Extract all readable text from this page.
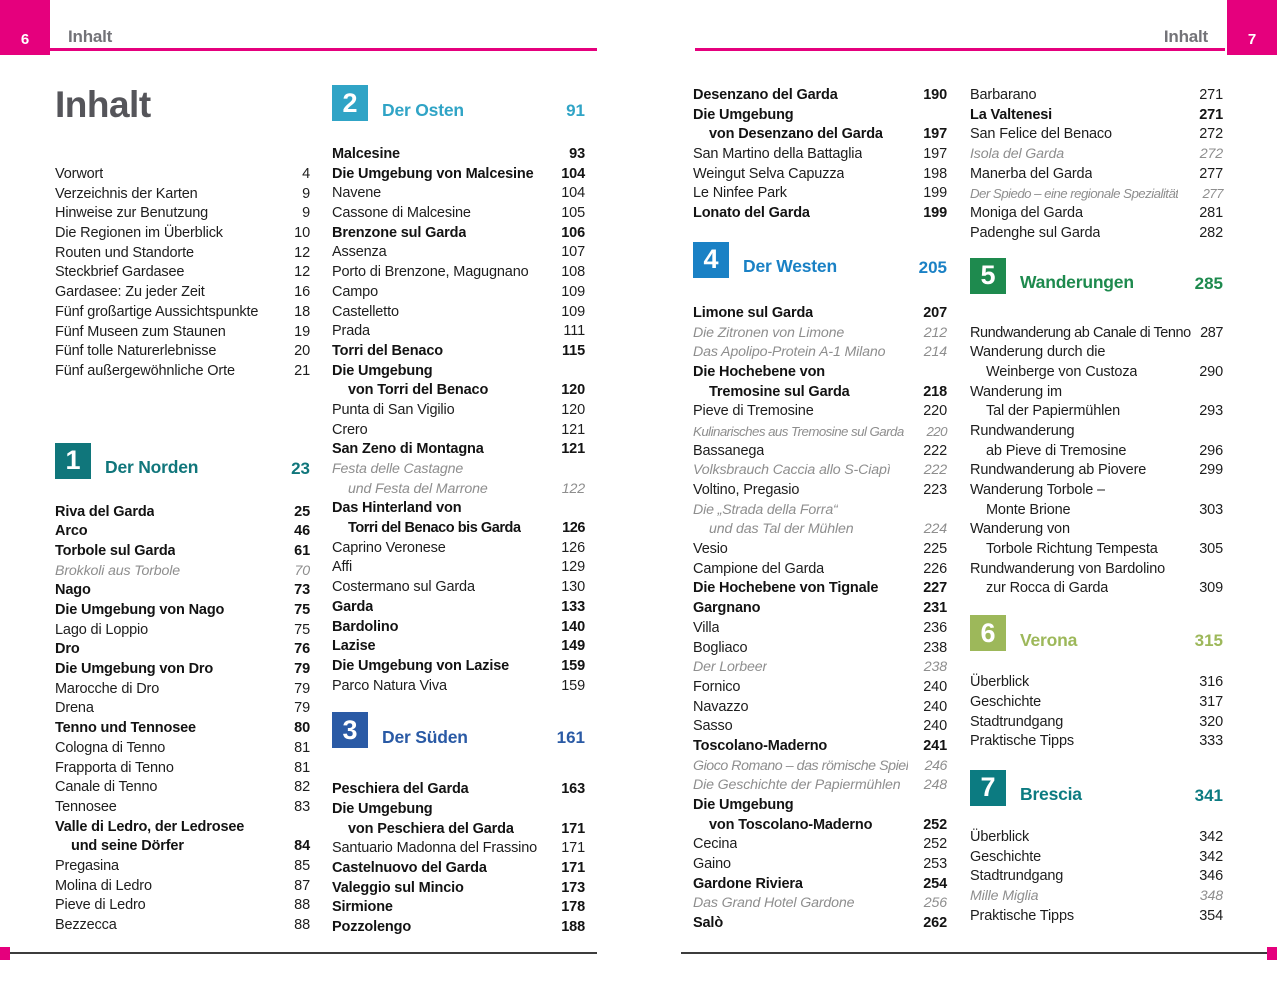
6	Inhalt	Inhalt	7
Inhalt
Vorwort	4
Verzeichnis der Karten	9
Hinweise zur Benutzung	9
Die Regionen im Überblick	10
Routen und Standorte	12
Steckbrief Gardasee	12
Gardasee: Zu jeder Zeit	16
Fünf großartige Aussichtspunkte	18
Fünf Museen zum Staunen	19
Fünf tolle Naturerlebnisse	20
Fünf außergewöhnliche Orte	21
1 Der Norden	23
Riva del Garda	25
Arco	46
Torbole sul Garda	61
Brokkoli aus Torbole	70
Nago	73
Die Umgebung von Nago	75
Lago di Loppio	75
Dro	76
Die Umgebung von Dro	79
Marocche di Dro	79
Drena	79
Tenno und Tennosee	80
Cologna di Tenno	81
Frapporta di Tenno	81
Canale di Tenno	82
Tennosee	83
Valle di Ledro, der Ledrosee
und seine Dörfer	84
Pregasina	85
Molina di Ledro	87
Pieve di Ledro	88
Bezzecca	88
2 Der Osten	91
Malcesine	93
Die Umgebung von Malcesine	104
Navene	104
Cassone di Malcesine	105
Brenzone sul Garda	106
Assenza	107
Porto di Brenzone, Magugnano	108
Campo	109
Castelletto	109
Prada	111
Torri del Benaco	115
Die Umgebung
von Torri del Benaco	120
Punta di San Vigilio	120
Crero	121
San Zeno di Montagna	121
Festa delle Castagne
und Festa del Marrone	122
Das Hinterland von
Torri del Benaco bis Garda	126
Caprino Veronese	126
Affi	129
Costermano sul Garda	130
Garda	133
Bardolino	140
Lazise	149
Die Umgebung von Lazise	159
Parco Natura Viva	159
3 Der Süden	161
Peschiera del Garda	163
Die Umgebung
von Peschiera del Garda	171
Santuario Madonna del Frassino	171
Castelnuovo del Garda	171
Valeggio sul Mincio	173
Sirmione	178
Pozzolengo	188
Desenzano del Garda	190
Die Umgebung
von Desenzano del Garda	197
San Martino della Battaglia	197
Weingut Selva Capuzza	198
Le Ninfee Park	199
Lonato del Garda	199
4 Der Westen	205
Limone sul Garda	207
Die Zitronen von Limone	212
Das Apolipo-Protein A-1 Milano	214
Die Hochebene von
Tremosine sul Garda	218
Pieve di Tremosine	220
Kulinarisches aus Tremosine sul Garda	220
Bassanega	222
Volksbrauch Caccia allo S-Ciapì	222
Voltino, Pregasio	223
Die „Strada della Forra“
und das Tal der Mühlen	224
Vesio	225
Campione del Garda	226
Die Hochebene von Tignale	227
Gargnano	231
Villa	236
Bogliaco	238
Der Lorbeer	238
Fornico	240
Navazzo	240
Sasso	240
Toscolano-Maderno	241
Gioco Romano – das römische Spiel	246
Die Geschichte der Papiermühlen	248
Die Umgebung
von Toscolano-Maderno	252
Cecina	252
Gaino	253
Gardone Riviera	254
Das Grand Hotel Gardone	256
Salò	262
Barbarano	271
La Valtenesi	271
San Felice del Benaco	272
Isola del Garda	272
Manerba del Garda	277
Der Spiedo – eine regionale Spezialität	277
Moniga del Garda	281
Padenghe sul Garda	282
5 Wanderungen	285
Rundwanderung ab Canale di Tenno 287
Wanderung durch die
Weinberge von Custoza	290
Wanderung im
Tal der Papiermühlen	293
Rundwanderung
ab Pieve di Tremosine	296
Rundwanderung ab Piovere	299
Wanderung Torbole –
Monte Brione	303
Wanderung von
Torbole Richtung Tempesta	305
Rundwanderung von Bardolino
zur Rocca di Garda	309
6 Verona	315
Überblick	316
Geschichte	317
Stadtrundgang	320
Praktische Tipps	333
7 Brescia	341
Überblick	342
Geschichte	342
Stadtrundgang	346
Mille Miglia	348
Praktische Tipps	354
